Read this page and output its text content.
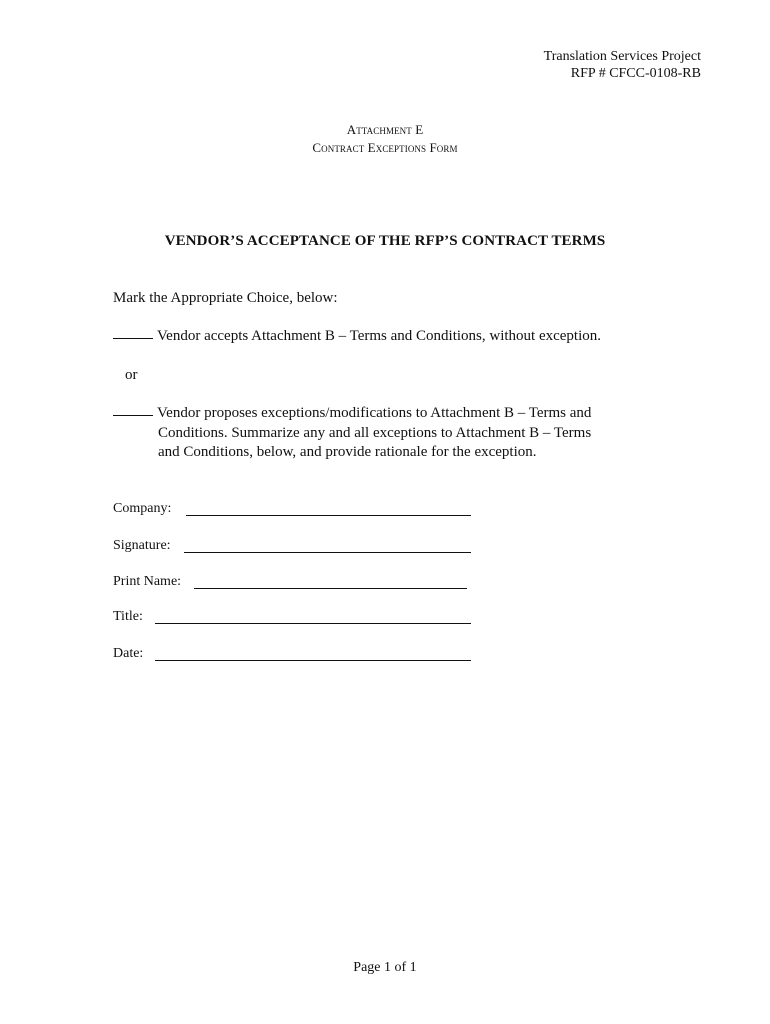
Translation Services Project
RFP # CFCC-0108-RB
Attachment E
Contract Exceptions Form
VENDOR’S ACCEPTANCE OF THE RFP’S CONTRACT TERMS
Mark the Appropriate Choice, below:
Vendor accepts Attachment B – Terms and Conditions, without exception.
or
Vendor proposes exceptions/modifications to Attachment B – Terms and
Conditions. Summarize any and all exceptions to Attachment B – Terms
and Conditions, below, and provide rationale for the exception.
Company:
Signature:
Print Name:
Title:
Date:
Page 1 of 1
